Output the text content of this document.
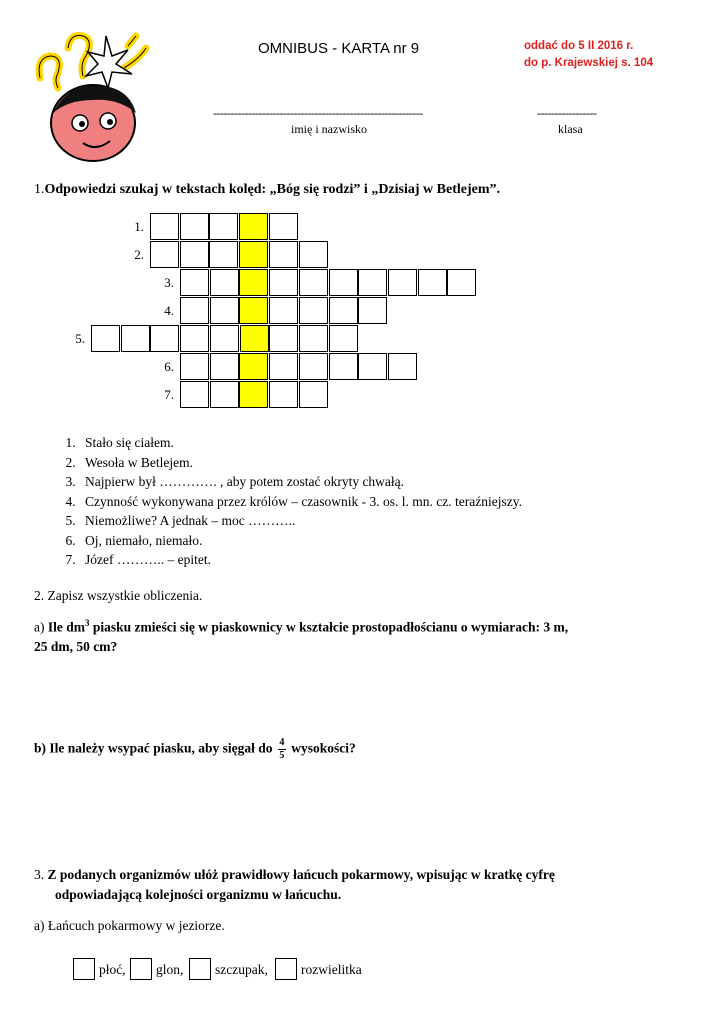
OMNIBUS - KARTA nr 9	oddać do 5 II 2016 r.
do p. Krajewskiej s. 104
------------------------------------------------------------
imię i nazwisko
-----------------
klasa
1.Odpowiedzi szukaj w tekstach kolęd: „Bóg się rodzi” i „Dzisiaj w Betlejem”.
1.
2.
3.
4.
5.
6.
7.
1. Stało się ciałem.
2. Wesoła w Betlejem.
3. Najpierw był …………. , aby potem zostać okryty chwałą.
4. Czynność wykonywana przez królów – czasownik - 3. os. l. mn. cz. teraźniejszy.
5. Niemożliwe? A jednak – moc ………..
6. Oj, niemało, niemało.
7. Józef ……….. – epitet.
2. Zapisz wszystkie obliczenia.
a) Ile $dm^3$ piasku zmieści się w piaskownicy w kształcie prostopadłościanu o wymiarach: 3 m,
25 dm, 50 cm?
b) Ile należy wsypać piasku, aby sięgał do $\frac{4}{5}$ wysokości?
3. Z podanych organizmów ułóż prawidłowy łańcuch pokarmowy, wpisując w kratkę cyfrę
odpowiadającą kolejności organizmu w łańcuchu.
a) Łańcuch pokarmowy w jeziorze.
płoć, glon, szczupak, rozwielitka
